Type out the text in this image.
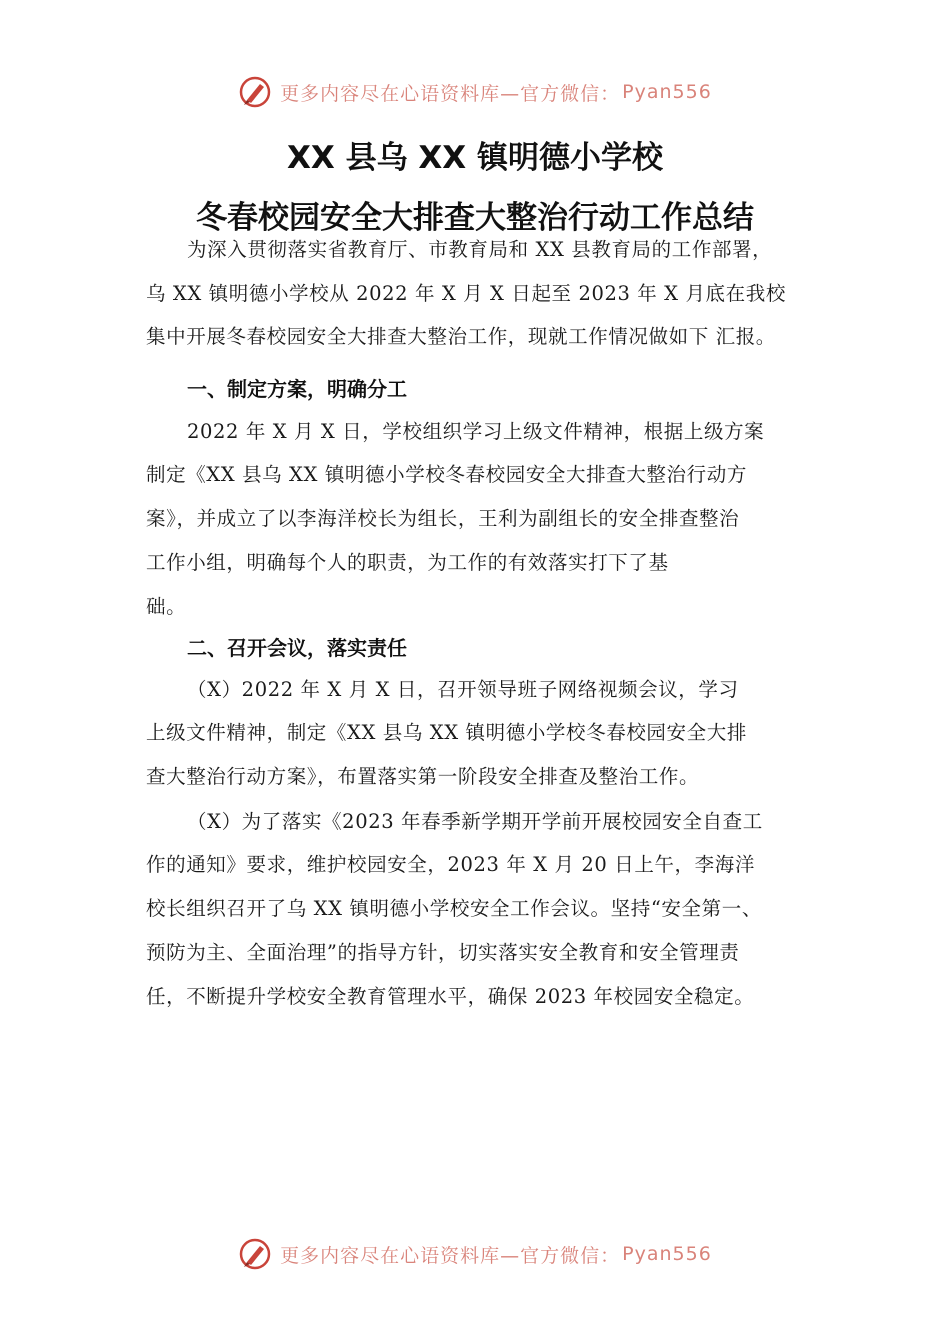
更多内容尽在心语资料库—官方微信： Pyan556
XX 县乌 XX 镇明德小学校
冬春校园安全大排查大整治行动工作总结
为深入贯彻落实省教育厅、市教育局和 XX 县教育局的工作部署，
乌 XX 镇明德小学校从 2022 年 X 月 X 日起至 2023 年 X 月底在我校
集中开展冬春校园安全大排查大整治工作，现就工作情况做如下 汇报。
一、制定方案，明确分工
2022 年 X 月 X 日，学校组织学习上级文件精神，根据上级方案
制定《XX 县乌 XX 镇明德小学校冬春校园安全大排查大整治行动方
案》，并成立了以李海洋校长为组长，王利为副组长的安全排查整治
工作小组，明确每个人的职责，为工作的有效落实打下了基
础。
二、召开会议，落实责任
（X）2022 年 X 月 X 日，召开领导班子网络视频会议，学习
上级文件精神，制定《XX 县乌 XX 镇明德小学校冬春校园安全大排
查大整治行动方案》，布置落实第一阶段安全排查及整治工作。
（X）为了落实《2023 年春季新学期开学前开展校园安全自查工
作的通知》要求，维护校园安全，2023 年 X 月 20 日上午，李海洋
校长组织召开了乌 XX 镇明德小学校安全工作会议。坚持“安全第一、
预防为主、全面治理”的指导方针，切实落实安全教育和安全管理责
任，不断提升学校安全教育管理水平，确保 2023 年校园安全稳定。
更多内容尽在心语资料库—官方微信： Pyan556
